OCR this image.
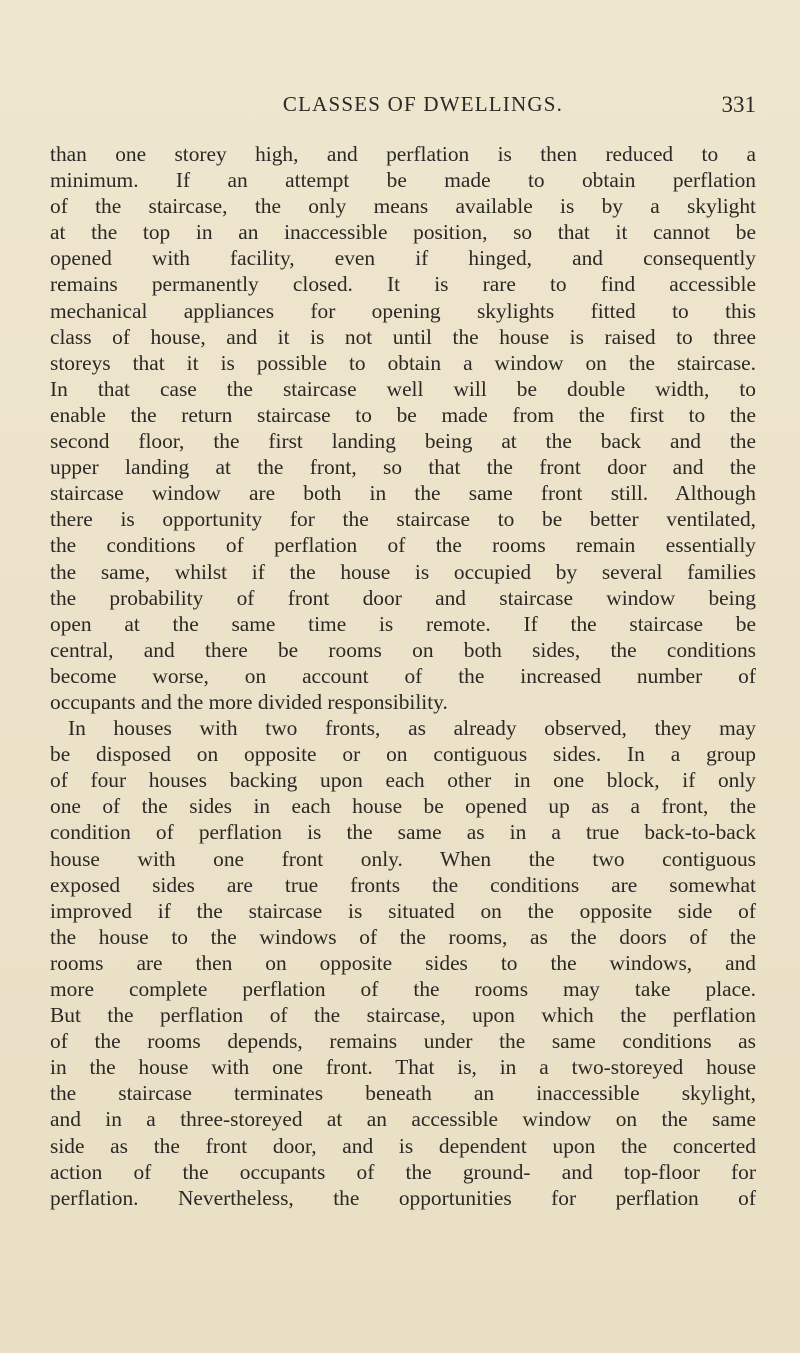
CLASSES OF DWELLINGS.	331
than one storey high, and perflation is then reduced to a
minimum. If an attempt be made to obtain perflation
of the staircase, the only means available is by a skylight
at the top in an inaccessible position, so that it cannot be
opened with facility, even if hinged, and consequently
remains permanently closed. It is rare to find accessible
mechanical appliances for opening skylights fitted to this
class of house, and it is not until the house is raised to three
storeys that it is possible to obtain a window on the staircase.
In that case the staircase well will be double width, to
enable the return staircase to be made from the first to the
second floor, the first landing being at the back and the
upper landing at the front, so that the front door and the
staircase window are both in the same front still. Although
there is opportunity for the staircase to be better ventilated,
the conditions of perflation of the rooms remain essentially
the same, whilst if the house is occupied by several families
the probability of front door and staircase window being
open at the same time is remote. If the staircase be
central, and there be rooms on both sides, the conditions
become worse, on account of the increased number of
occupants and the more divided responsibility.
In houses with two fronts, as already observed, they may
be disposed on opposite or on contiguous sides. In a group
of four houses backing upon each other in one block, if only
one of the sides in each house be opened up as a front, the
condition of perflation is the same as in a true back-to-back
house with one front only. When the two contiguous
exposed sides are true fronts the conditions are somewhat
improved if the staircase is situated on the opposite side of
the house to the windows of the rooms, as the doors of the
rooms are then on opposite sides to the windows, and
more complete perflation of the rooms may take place.
But the perflation of the staircase, upon which the perflation
of the rooms depends, remains under the same conditions as
in the house with one front. That is, in a two-storeyed house
the staircase terminates beneath an inaccessible skylight,
and in a three-storeyed at an accessible window on the same
side as the front door, and is dependent upon the concerted
action of the occupants of the ground- and top-floor for
perflation. Nevertheless, the opportunities for perflation of
